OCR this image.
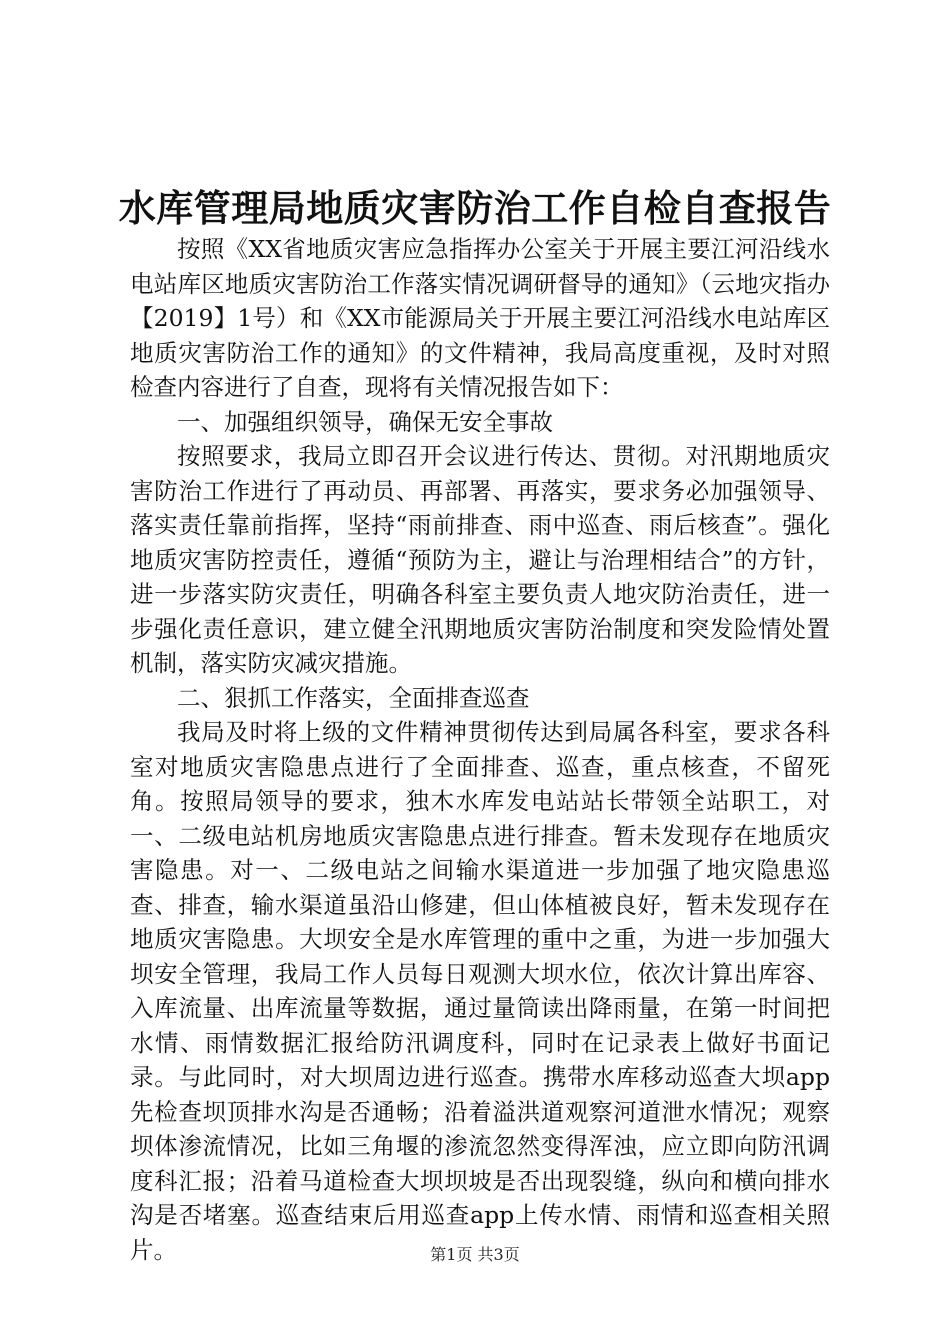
水库管理局地质灾害防治工作自检自查报告

按照《XX省地质灾害应急指挥办公室关于开展主要江河沿线水电站库区地质灾害防治工作落实情况调研督导的通知》（云地灾指办【2019】1号）和《XX市能源局关于开展主要江河沿线水电站库区地质灾害防治工作的通知》的文件精神，我局高度重视，及时对照检查内容进行了自查，现将有关情况报告如下：

一、加强组织领导，确保无安全事故

按照要求，我局立即召开会议进行传达、贯彻。对汛期地质灾害防治工作进行了再动员、再部署、再落实，要求务必加强领导、落实责任靠前指挥，坚持“雨前排查、雨中巡查、雨后核查”。强化地质灾害防控责任，遵循“预防为主，避让与治理相结合”的方针，进一步落实防灾责任，明确各科室主要负责人地灾防治责任，进一步强化责任意识，建立健全汛期地质灾害防治制度和突发险情处置机制，落实防灾减灾措施。

二、狠抓工作落实，全面排查巡查

我局及时将上级的文件精神贯彻传达到局属各科室，要求各科室对地质灾害隐患点进行了全面排查、巡查，重点核查，不留死角。按照局领导的要求，独木水库发电站站长带领全站职工，对一、二级电站机房地质灾害隐患点进行排查。暂未发现存在地质灾害隐患。对一、二级电站之间输水渠道进一步加强了地灾隐患巡查、排查，输水渠道虽沿山修建，但山体植被良好，暂未发现存在地质灾害隐患。大坝安全是水库管理的重中之重，为进一步加强大坝安全管理，我局工作人员每日观测大坝水位，依次计算出库容、入库流量、出库流量等数据，通过量筒读出降雨量，在第一时间把水情、雨情数据汇报给防汛调度科，同时在记录表上做好书面记录。与此同时，对大坝周边进行巡查。携带水库移动巡查大坝app先检查坝顶排水沟是否通畅；沿着溢洪道观察河道泄水情况；观察坝体渗流情况，比如三角堰的渗流忽然变得浑浊，应立即向防汛调度科汇报；沿着马道检查大坝坝坡是否出现裂缝，纵向和横向排水沟是否堵塞。巡查结束后用巡查app上传水情、雨情和巡查相关照片。	第1页 共3页
